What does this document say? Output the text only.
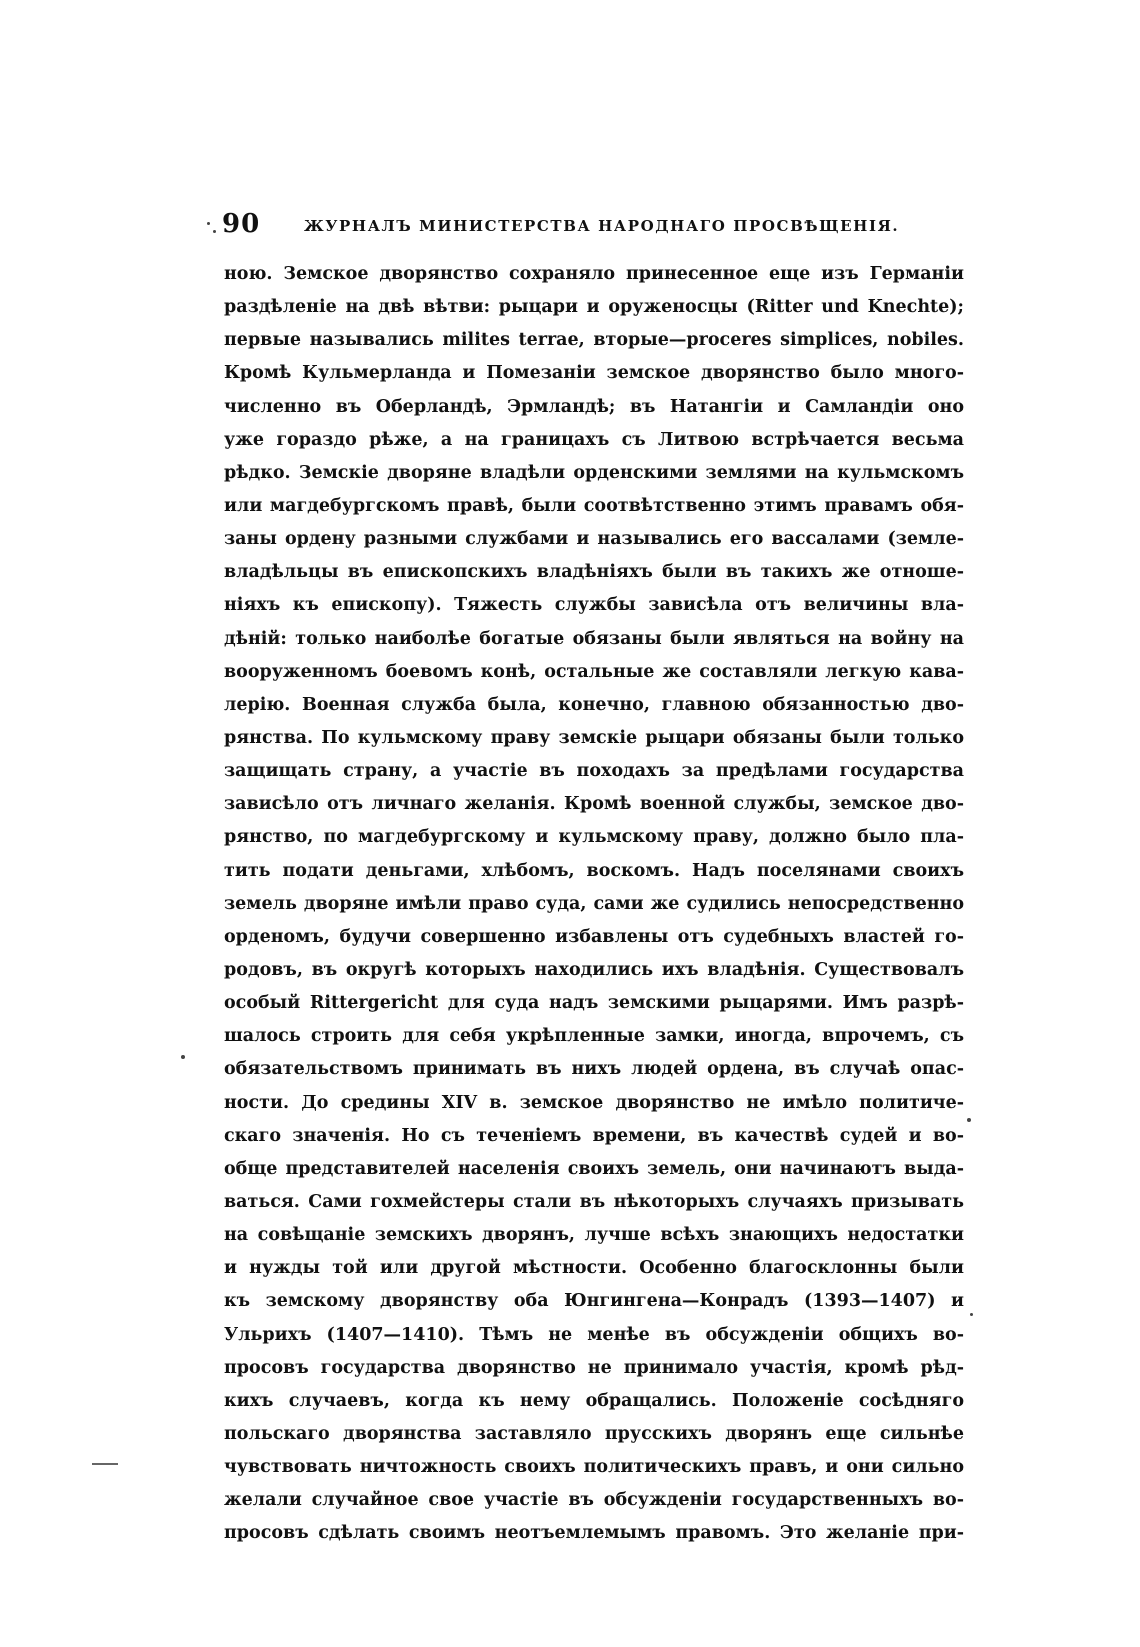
90	ЖУРНАЛЪ МИНИСТЕРСТВА НАРОДНАГО ПРОСВѢЩЕНІЯ.
ною. Земское дворянство сохраняло принесенное еще изъ Германіи
раздѣленіе на двѣ вѣтви: рыцари и оруженосцы (Ritter und Knechte);
первые назывались milites terrae, вторые—proceres simplices, nobiles.
Кромѣ Кульмерланда и Помезаніи земское дворянство было много-
численно въ Оберландѣ, Эрмландѣ; въ Натангіи и Самландіи оно
уже гораздо рѣже, а на границахъ съ Литвою встрѣчается весьма
рѣдко. Земскіе дворяне владѣли орденскими землями на кульмскомъ
или магдебургскомъ правѣ, были соотвѣтственно этимъ правамъ обя-
заны ордену разными службами и назывались его вассалами (земле-
владѣльцы въ епископскихъ владѣніяхъ были въ такихъ же отноше-
ніяхъ къ епископу). Тяжесть службы зависѣла отъ величины вла-
дѣній: только наиболѣе богатые обязаны были являться на войну на
вооруженномъ боевомъ конѣ, остальные же составляли легкую кава-
лерію. Военная служба была, конечно, главною обязанностью дво-
рянства. По кульмскому праву земскіе рыцари обязаны были только
защищать страну, а участіе въ походахъ за предѣлами государства
зависѣло отъ личнаго желанія. Кромѣ военной службы, земское дво-
рянство, по магдебургскому и кульмскому праву, должно было пла-
тить подати деньгами, хлѣбомъ, воскомъ. Надъ поселянами своихъ
земель дворяне имѣли право суда, сами же судились непосредственно
орденомъ, будучи совершенно избавлены отъ судебныхъ властей го-
родовъ, въ округѣ которыхъ находились ихъ владѣнія. Существовалъ
особый Rittergericht для суда надъ земскими рыцарями. Имъ разрѣ-
шалось строить для себя укрѣпленные замки, иногда, впрочемъ, съ
обязательствомъ принимать въ нихъ людей ордена, въ случаѣ опас-
ности. До средины XIV в. земское дворянство не имѣло политиче-
скаго значенія. Но съ теченіемъ времени, въ качествѣ судей и во-
обще представителей населенія своихъ земель, они начинаютъ выда-
ваться. Сами гохмейстеры стали въ нѣкоторыхъ случаяхъ призывать
на совѣщаніе земскихъ дворянъ, лучше всѣхъ знающихъ недостатки
и нужды той или другой мѣстности. Особенно благосклонны были
къ земскому дворянству оба Юнгингена—Конрадъ (1393—1407) и
Ульрихъ (1407—1410). Тѣмъ не менѣе въ обсужденіи общихъ во-
просовъ государства дворянство не принимало участія, кромѣ рѣд-
кихъ случаевъ, когда къ нему обращались. Положеніе сосѣдняго
польскаго дворянства заставляло прусскихъ дворянъ еще сильнѣе
чувствовать ничтожность своихъ политическихъ правъ, и они сильно
желали случайное свое участіе въ обсужденіи государственныхъ во-
просовъ сдѣлать своимъ неотъемлемымъ правомъ. Это желаніе при-
